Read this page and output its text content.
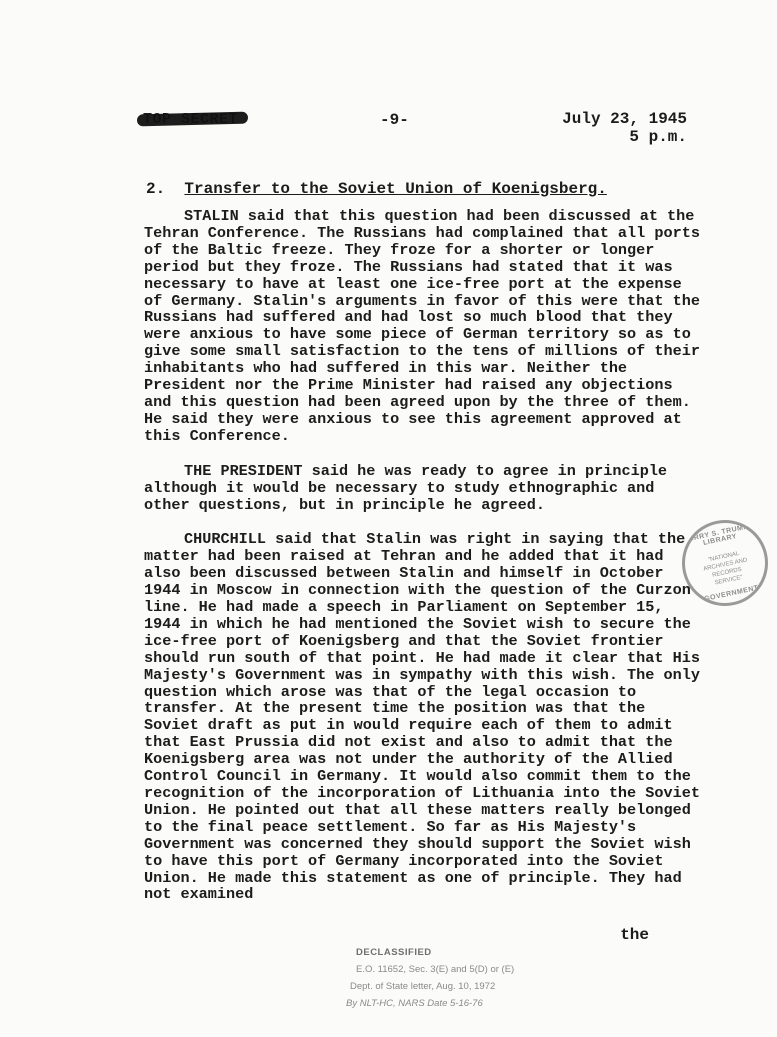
-9-	July 23, 1945
5 p.m.
2. Transfer to the Soviet Union of Koenigsberg.

STALIN said that this question had been discussed at the Tehran Conference. The Russians had complained that all ports of the Baltic freeze. They froze for a shorter or longer period but they froze. The Russians had stated that it was necessary to have at least one ice-free port at the expense of Germany. Stalin's arguments in favor of this were that the Russians had suffered and had lost so much blood that they were anxious to have some piece of German territory so as to give some small satisfaction to the tens of millions of their inhabitants who had suffered in this war. Neither the President nor the Prime Minister had raised any objections and this question had been agreed upon by the three of them. He said they were anxious to see this agreement approved at this Conference.

THE PRESIDENT said he was ready to agree in principle although it would be necessary to study ethnographic and other questions, but in principle he agreed.

CHURCHILL said that Stalin was right in saying that the matter had been raised at Tehran and he added that it had also been discussed between Stalin and himself in October 1944 in Moscow in connection with the question of the Curzon line. He had made a speech in Parliament on September 15, 1944 in which he had mentioned the Soviet wish to secure the ice-free port of Koenigsberg and that the Soviet frontier should run south of that point. He had made it clear that His Majesty's Government was in sympathy with this wish. The only question which arose was that of the legal occasion to transfer. At the present time the position was that the Soviet draft as put in would require each of them to admit that East Prussia did not exist and also to admit that the Koenigsberg area was not under the authority of the Allied Control Council in Germany. It would also commit them to the recognition of the incorporation of Lithuania into the Soviet Union. He pointed out that all these matters really belonged to the final peace settlement. So far as His Majesty's Government was concerned they should support the Soviet wish to have this port of Germany incorporated into the Soviet Union. He made this statement as one of principle. They had not examined

the
HARRY S. TRUMAN LIBRARY
"NATIONAL ARCHIVES AND RECORDS SERVICE"
GOVERNMENT
DECLASSIFIED
E.O. 11652, Sec. 3(E) and 5(D) or (E)
Dept. of State letter, Aug. 10, 1972
By NLT-HC, NARS Date 5-16-76
